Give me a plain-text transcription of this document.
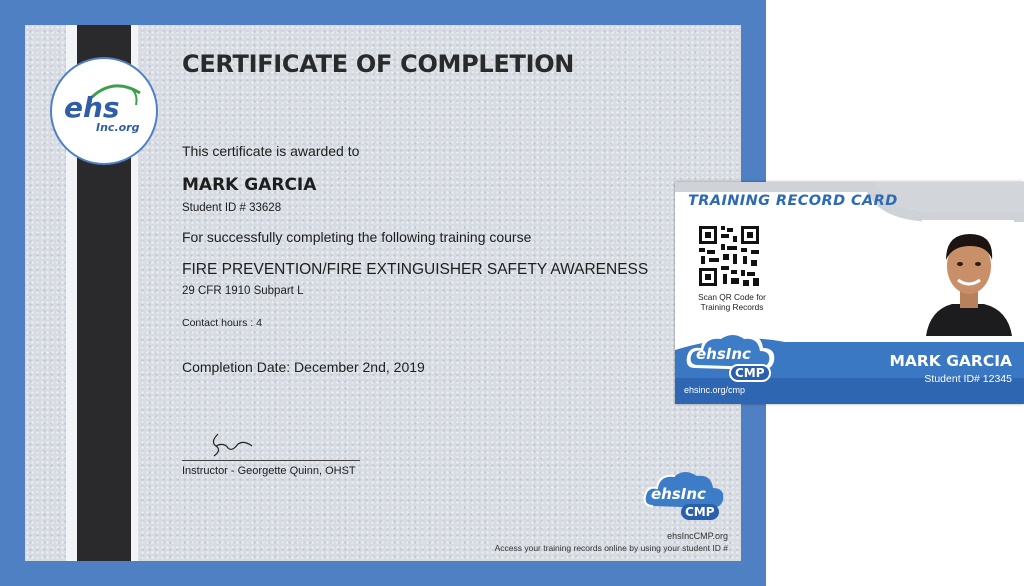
ehs
Inc.org
CERTIFICATE OF COMPLETION
This certificate is awarded to
MARK GARCIA
Student ID # 33628
For successfully completing the following training course
FIRE PREVENTION/FIRE EXTINGUISHER SAFETY AWARENESS
29 CFR 1910 Subpart L
Contact hours : 4
Completion Date: December 2nd, 2019
Instructor - Georgette Quinn, OHST
ehsInc
CMP
ehsIncCMP.org
Access your training records online by using your student ID #
TRAINING RECORD CARD
Scan QR Code for
Training Records
ehsInc
CMP
MARK GARCIA
Student ID# 12345
ehsinc.org/cmp
